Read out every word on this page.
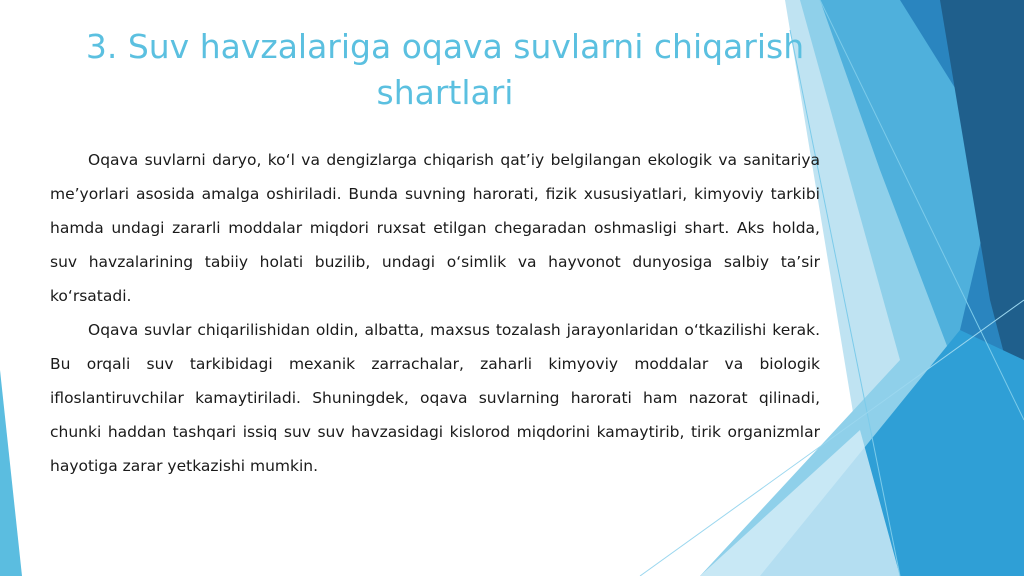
3. Suv havzalariga oqava suvlarni chiqarish
shartlari

Oqava suvlarni daryo, ko‘l va dengizlarga chiqarish qat’iy belgilangan ekologik va sanitariya me’yorlari asosida amalga oshiriladi. Bunda suvning harorati, fizik xususiyatlari, kimyoviy tarkibi hamda undagi zararli moddalar miqdori ruxsat etilgan chegaradan oshmasligi shart. Aks holda, suv havzalarining tabiiy holati buzilib, undagi o‘simlik va hayvonot dunyosiga salbiy ta’sir ko‘rsatadi.

Oqava suvlar chiqarilishidan oldin, albatta, maxsus tozalash jarayonlaridan o‘tkazilishi kerak. Bu orqali suv tarkibidagi mexanik zarrachalar, zaharli kimyoviy moddalar va biologik ifloslantiruvchilar kamaytiriladi. Shuningdek, oqava suvlarning harorati ham nazorat qilinadi, chunki haddan tashqari issiq suv suv havzasidagi kislorod miqdorini kamaytirib, tirik organizmlar hayotiga zarar yetkazishi mumkin.
